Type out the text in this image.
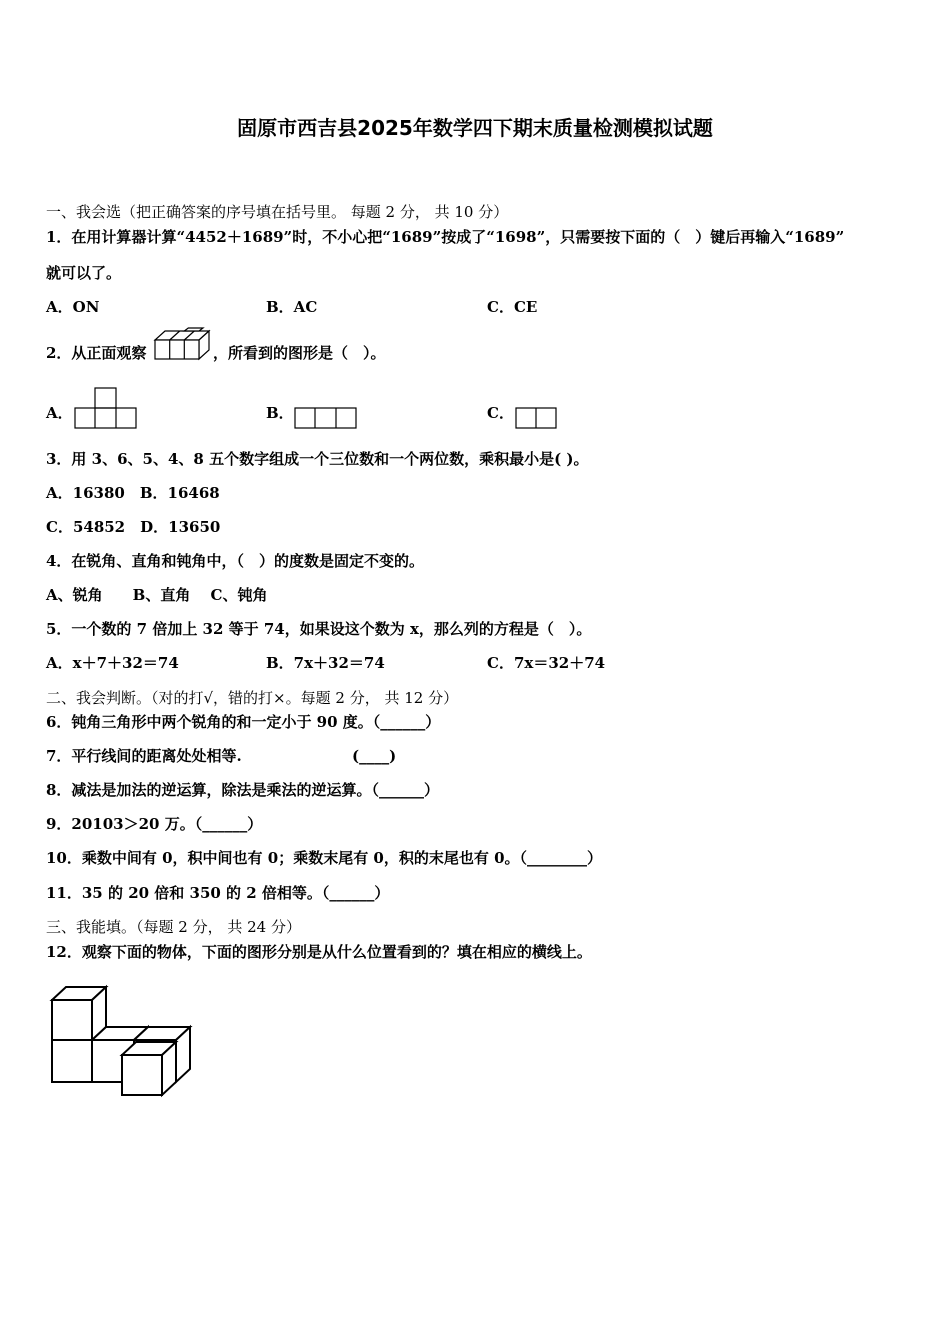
固原市西吉县2025年数学四下期末质量检测模拟试题
一、我会选（把正确答案的序号填在括号里。 每题 2 分， 共 10 分）
1．在用计算器计算“4452＋1689”时，不小心把“1689”按成了“1698”，只需要按下面的（　）键后再输入“1689”
就可以了。
A．ON	B．AC	C．CE
2．从正面观察	，所看到的图形是（　）。
A．	B．	C．
3．用 3、6、5、4、8 五个数字组成一个三位数和一个两位数，乘积最小是( )。
A．16380　B．16468
C．54852　D．13650
4．在锐角、直角和钝角中，（　）的度数是固定不变的。
A、锐角　　B、直角　 C、钝角
5．一个数的 7 倍加上 32 等于 74，如果设这个数为 x，那么列的方程是（　）。
A．x＋7＋32＝74	B．7x＋32＝74	C．7x＝32＋74
二、我会判断。（对的打√，错的打×。每题 2 分， 共 12 分）
6．钝角三角形中两个锐角的和一定小于 90 度。（______）
7．平行线间的距离处处相等.	(____)
8．减法是加法的逆运算，除法是乘法的逆运算。（______）
9．20103＞20 万。（______）
10．乘数中间有 0，积中间也有 0；乘数末尾有 0，积的末尾也有 0。（________）
11．35 的 20 倍和 350 的 2 倍相等。（______）
三、我能填。（每题 2 分， 共 24 分）
12．观察下面的物体，下面的图形分别是从什么位置看到的？填在相应的横线上。
